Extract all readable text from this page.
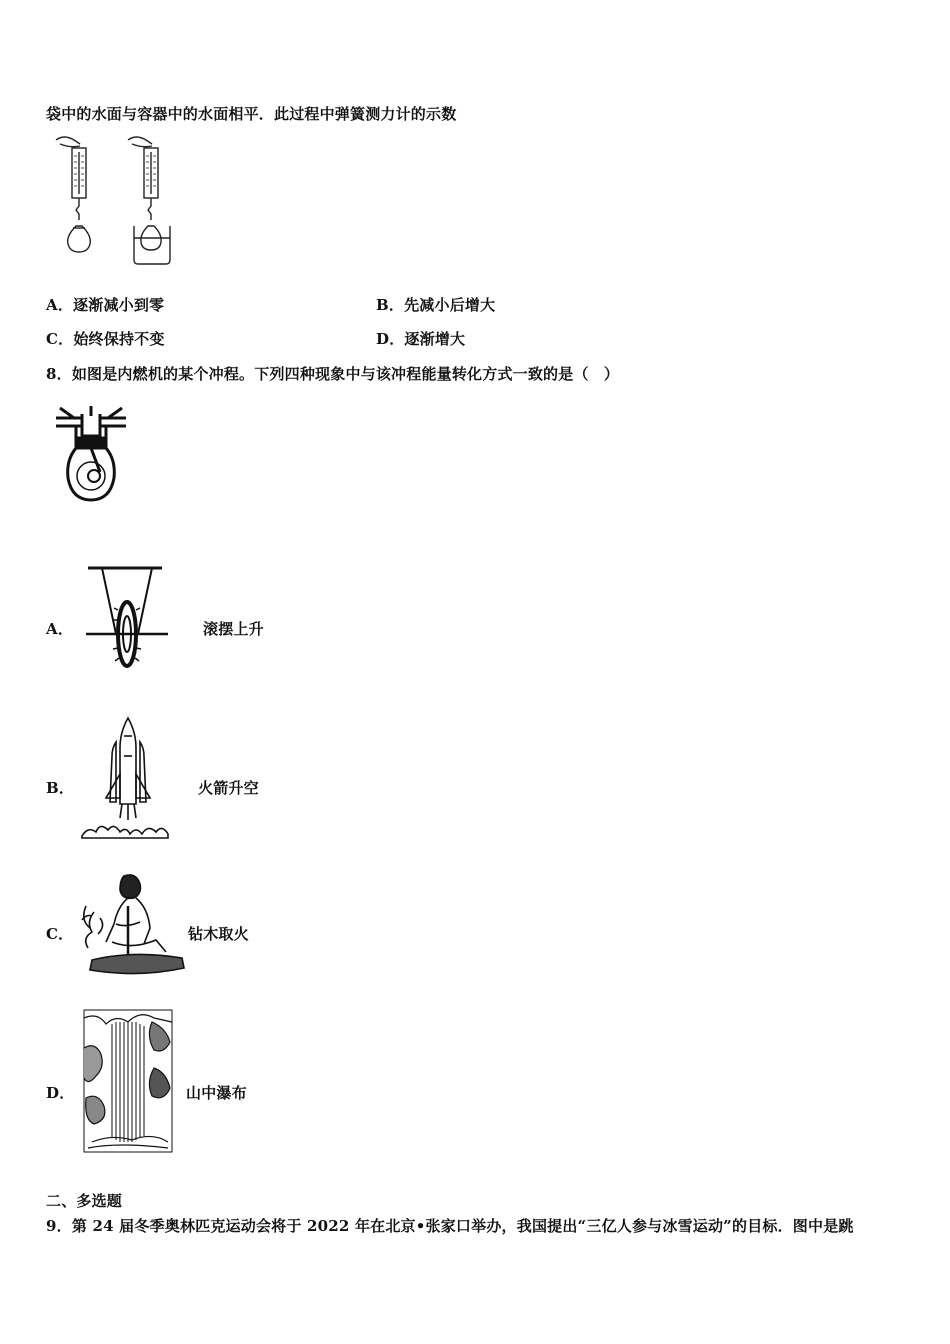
袋中的水面与容器中的水面相平．此过程中弹簧测力计的示数
A．逐渐减小到零	B．先减小后增大
C．始终保持不变	D．逐渐增大
8．如图是内燃机的某个冲程。下列四种现象中与该冲程能量转化方式一致的是（　）
A．	滚摆上升
B．	火箭升空
C．	钻木取火
D．	山中瀑布
二、多选题
9．第 24 届冬季奥林匹克运动会将于 2022 年在北京•张家口举办，我国提出“三亿人参与冰雪运动”的目标．图中是跳
